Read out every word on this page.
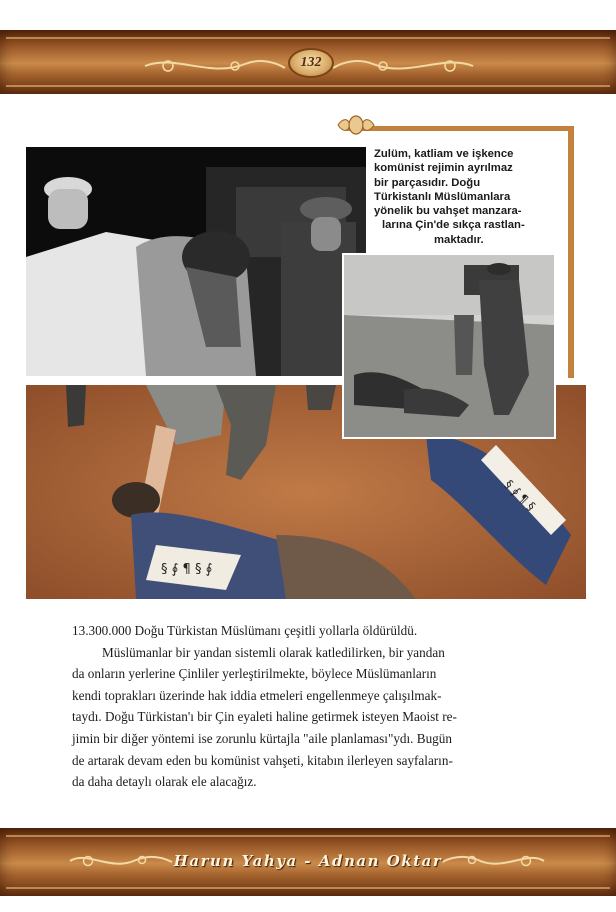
132
Zulüm, katliam ve işkence
komünist rejimin ayrılmaz
bir parçasıdır. Doğu
Türkistanlı Müslümanlara
yönelik bu vahşet manzara-
larına Çin'de sıkça rastlan-
maktadır.
§ ∮ ¶ § ∮
§ ∮ ¶ §

13.300.000 Doğu Türkistan Müslümanı çeşitli yollarla öldürüldü.

Müslümanlar bir yandan sistemli olarak katledilirken, bir yandan

da onların yerlerine Çinliler yerleştirilmekte, böylece Müslümanların

kendi toprakları üzerinde hak iddia etmeleri engellenmeye çalışılmak-

taydı. Doğu Türkistan'ı bir Çin eyaleti haline getirmek isteyen Maoist re-

jimin bir diğer yöntemi ise zorunlu kürtajla "aile planlaması"ydı. Bugün

de artarak devam eden bu komünist vahşeti, kitabın ilerleyen sayfaların-

da daha detaylı olarak ele alacağız.

Harun Yahya - Adnan Oktar
